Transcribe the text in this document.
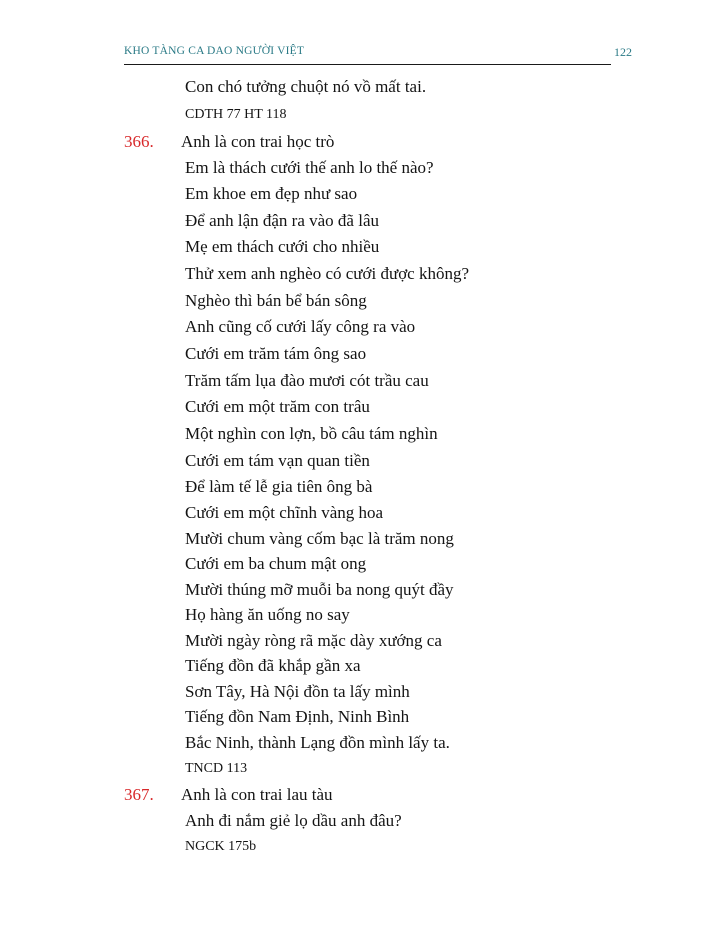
KHO TÀNG CA DAO NGƯỜI VIỆT	122
Con chó tưởng chuột nó vồ mất tai.
CDTH 77 HT 118
366. Anh là con trai học trò
Em là thách cưới thế anh lo thế nào?
Em khoe em đẹp như sao
Để anh lận đận ra vào đã lâu
Mẹ em thách cưới cho nhiều
Thử xem anh nghèo có cưới được không?
Nghèo thì bán bể bán sông
Anh cũng cố cưới lấy công ra vào
Cưới em trăm tám ông sao
Trăm tấm lụa đào mươi cót trầu cau
Cưới em một trăm con trâu
Một nghìn con lợn, bồ câu tám nghìn
Cưới em tám vạn quan tiền
Để làm tế lễ gia tiên ông bà
Cưới em một chĩnh vàng hoa
Mười chum vàng cốm bạc là trăm nong
Cưới em ba chum mật ong
Mười thúng mỡ muỗi ba nong quýt đầy
Họ hàng ăn uống no say
Mười ngày ròng rã mặc dày xướng ca
Tiếng đồn đã khắp gần xa
Sơn Tây, Hà Nội đồn ta lấy mình
Tiếng đồn Nam Định, Ninh Bình
Bắc Ninh, thành Lạng đồn mình lấy ta.
TNCD 113
367. Anh là con trai lau tàu
Anh đi nắm giẻ lọ dầu anh đâu?
NGCK 175b
